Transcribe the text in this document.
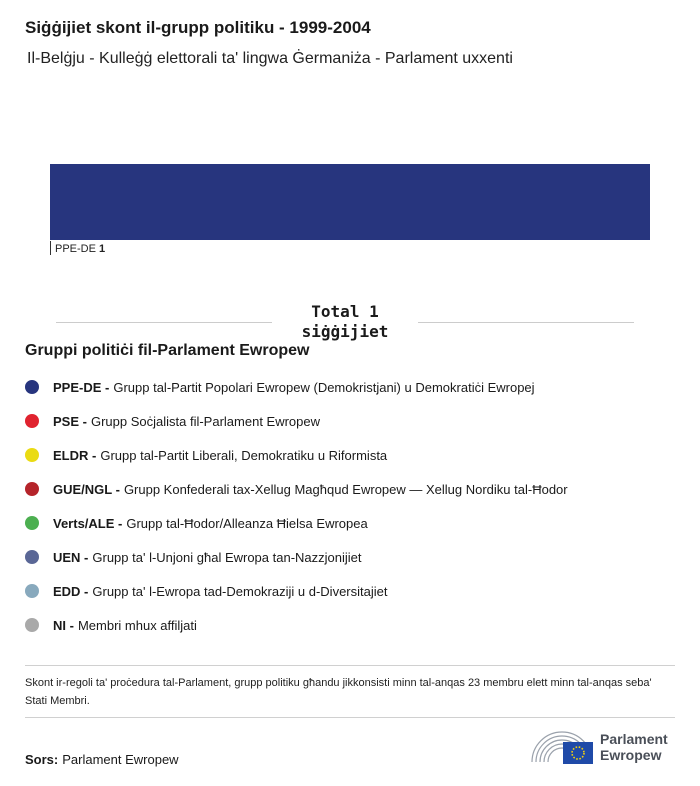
Siġġijiet skont il-grupp politiku - 1999-2004
Il-Belġju - Kulleġġ elettorali ta' lingwa Ġermaniża - Parlament uxxenti
PPE-DE 1
Total 1 siġġijiet
Gruppi politiċi fil-Parlament Ewropew
PPE-DE - Grupp tal-Partit Popolari Ewropew (Demokristjani) u Demokratiċi Ewropej
PSE - Grupp Soċjalista fil-Parlament Ewropew
ELDR - Grupp tal-Partit Liberali, Demokratiku u Riformista
GUE/NGL - Grupp Konfederali tax-Xellug Magħqud Ewropew — Xellug Nordiku tal-Ħodor
Verts/ALE - Grupp tal-Ħodor/Alleanza Ħielsa Ewropea
UEN - Grupp ta' l-Unjoni għal Ewropa tan-Nazzjonijiet
EDD - Grupp ta' l-Ewropa tad-Demokraziji u d-Diversitajiet
NI - Membri mhux affiljati
Skont ir-regoli ta' proċedura tal-Parlament, grupp politiku għandu jikkonsisti minn tal-anqas 23 membru elett minn tal-anqas seba' Stati Membri.
Sors: Parlament Ewropew
Parlament
Ewropew
